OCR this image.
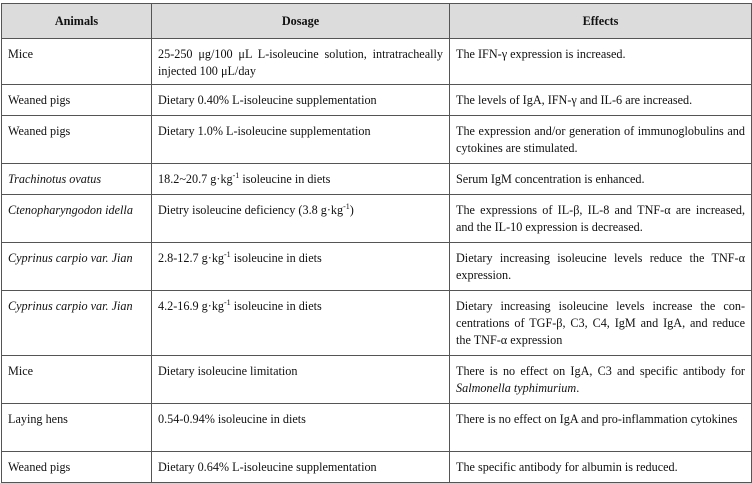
Animals	Dosage	Effects
Mice	25-250 μg/100 μL L-isoleucine solution, intratracheally injected 100 μL/day	The IFN-γ expression is increased.
Weaned pigs	Dietary 0.40% L-isoleucine supplementation	The levels of IgA, IFN-γ and IL-6 are increased.
Weaned pigs	Dietary 1.0% L-isoleucine supplementation	The expression and/or generation of immunoglobulins and cytokines are stimulated.
Trachinotus ovatus	18.2~20.7 $g\cdot kg^{-1}$ isoleucine in diets	Serum IgM concentration is enhanced.
Ctenopharyngodon idella	Dietry isoleucine deficiency (3.8 $g\cdot kg^{-1}$)	The expressions of IL-β, IL-8 and TNF-α are increased, and the IL-10 expression is decreased.
Cyprinus carpio var. Jian	2.8-12.7 $g\cdot kg^{-1}$ isoleucine in diets	Dietary increasing isoleucine levels reduce the TNF-α expression.
Cyprinus carpio var. Jian	4.2-16.9 $g\cdot kg^{-1}$ isoleucine in diets	Dietary increasing isoleucine levels increase the concentrations of TGF-β, C3, C4, IgM and IgA, and reduce the TNF-α expression
Mice	Dietary isoleucine limitation	There is no effect on IgA, C3 and specific antibody for Salmonella typhimurium.
Laying hens	0.54-0.94% isoleucine in diets	There is no effect on IgA and pro-inflammation cytokines
Weaned pigs	Dietary 0.64% L-isoleucine supplementation	The specific antibody for albumin is reduced.
